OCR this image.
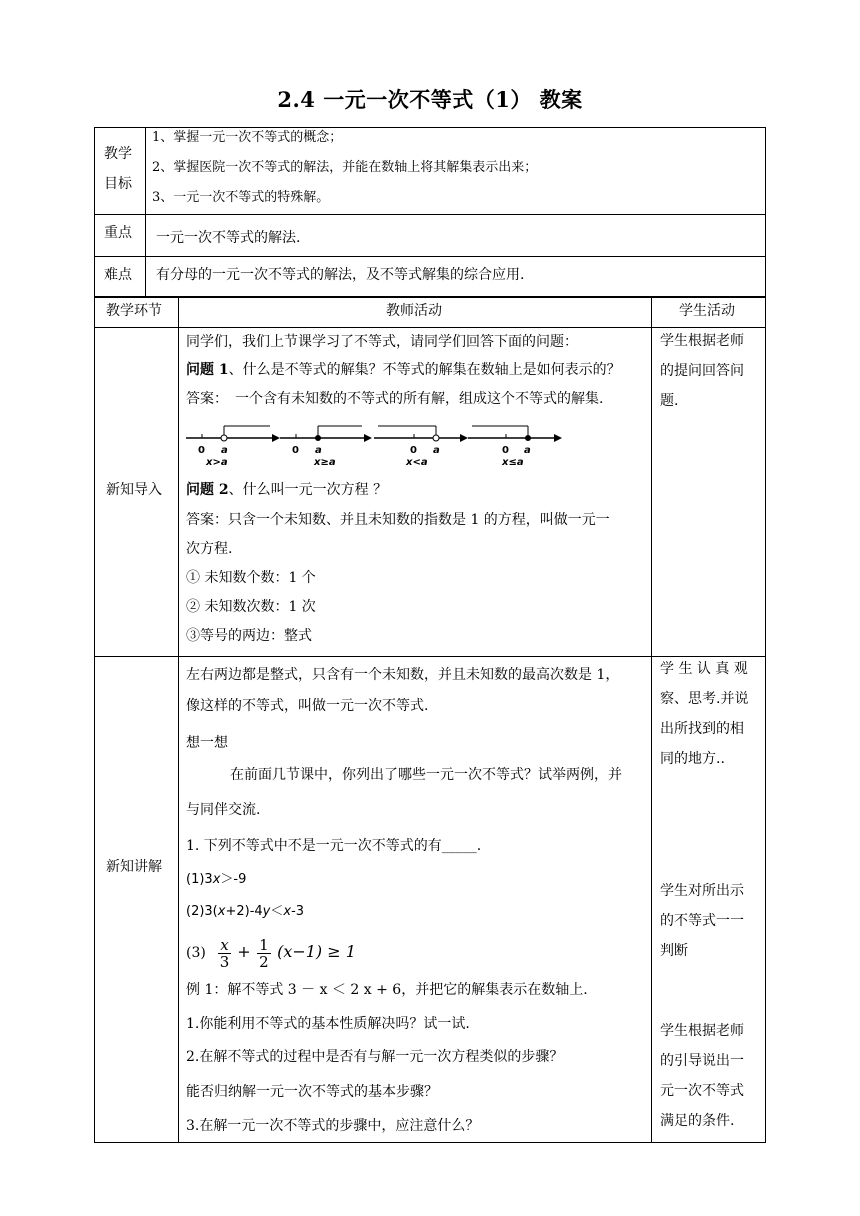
2.4 一元一次不等式（1） 教案
教学
目标
1、掌握一元一次不等式的概念；
2、掌握医院一次不等式的解法，并能在数轴上将其解集表示出来；
3、一元一次不等式的特殊解。
重点 一元一次不等式的解法.
难点 有分母的一元一次不等式的解法，及不等式解集的综合应用.
教学环节	教师活动	学生活动
新知导入
同学们，我们上节课学习了不等式，请同学们回答下面的问题：
问题 1、什么是不等式的解集？不等式的解集在数轴上是如何表示的？
答案：　一个含有未知数的不等式的所有解，组成这个不等式的解集.
0 a
x>a
0 a
x≥a
0 a
x<a
0 a
x≤a
问题 2、什么叫一元一次方程 ？
答案：只含一个未知数、并且未知数的指数是 1 的方程，叫做一元一
次方程.
① 未知数个数：1 个
② 未知数次数：1 次
③等号的两边：整式
学生根据老师
的提问回答问
题.
新知讲解
左右两边都是整式，只含有一个未知数，并且未知数的最高次数是 1，
像这样的不等式，叫做一元一次不等式.
想一想
在前面几节课中，你列出了哪些一元一次不等式？试举两例，并
与同伴交流.
1. 下列不等式中不是一元一次不等式的有_____.
(1)3x＞-9
(2)3(x+2)-4y＜x-3
$(3) \frac{x}{3} + \frac{1}{2} (x-1) \ge 1$
例 1：解不等式 3 － x ＜ 2 x + 6，并把它的解集表示在数轴上.
1.你能利用不等式的基本性质解决吗？试一试.
2.在解不等式的过程中是否有与解一元一次方程类似的步骤？
能否归纳解一元一次不等式的基本步骤？
3.在解一元一次不等式的步骤中，应注意什么？
学 生 认 真 观
察、思考.并说
出所找到的相
同的地方..
学生对所出示
的不等式一一
判断
学生根据老师
的引导说出一
元一次不等式
满足的条件.
